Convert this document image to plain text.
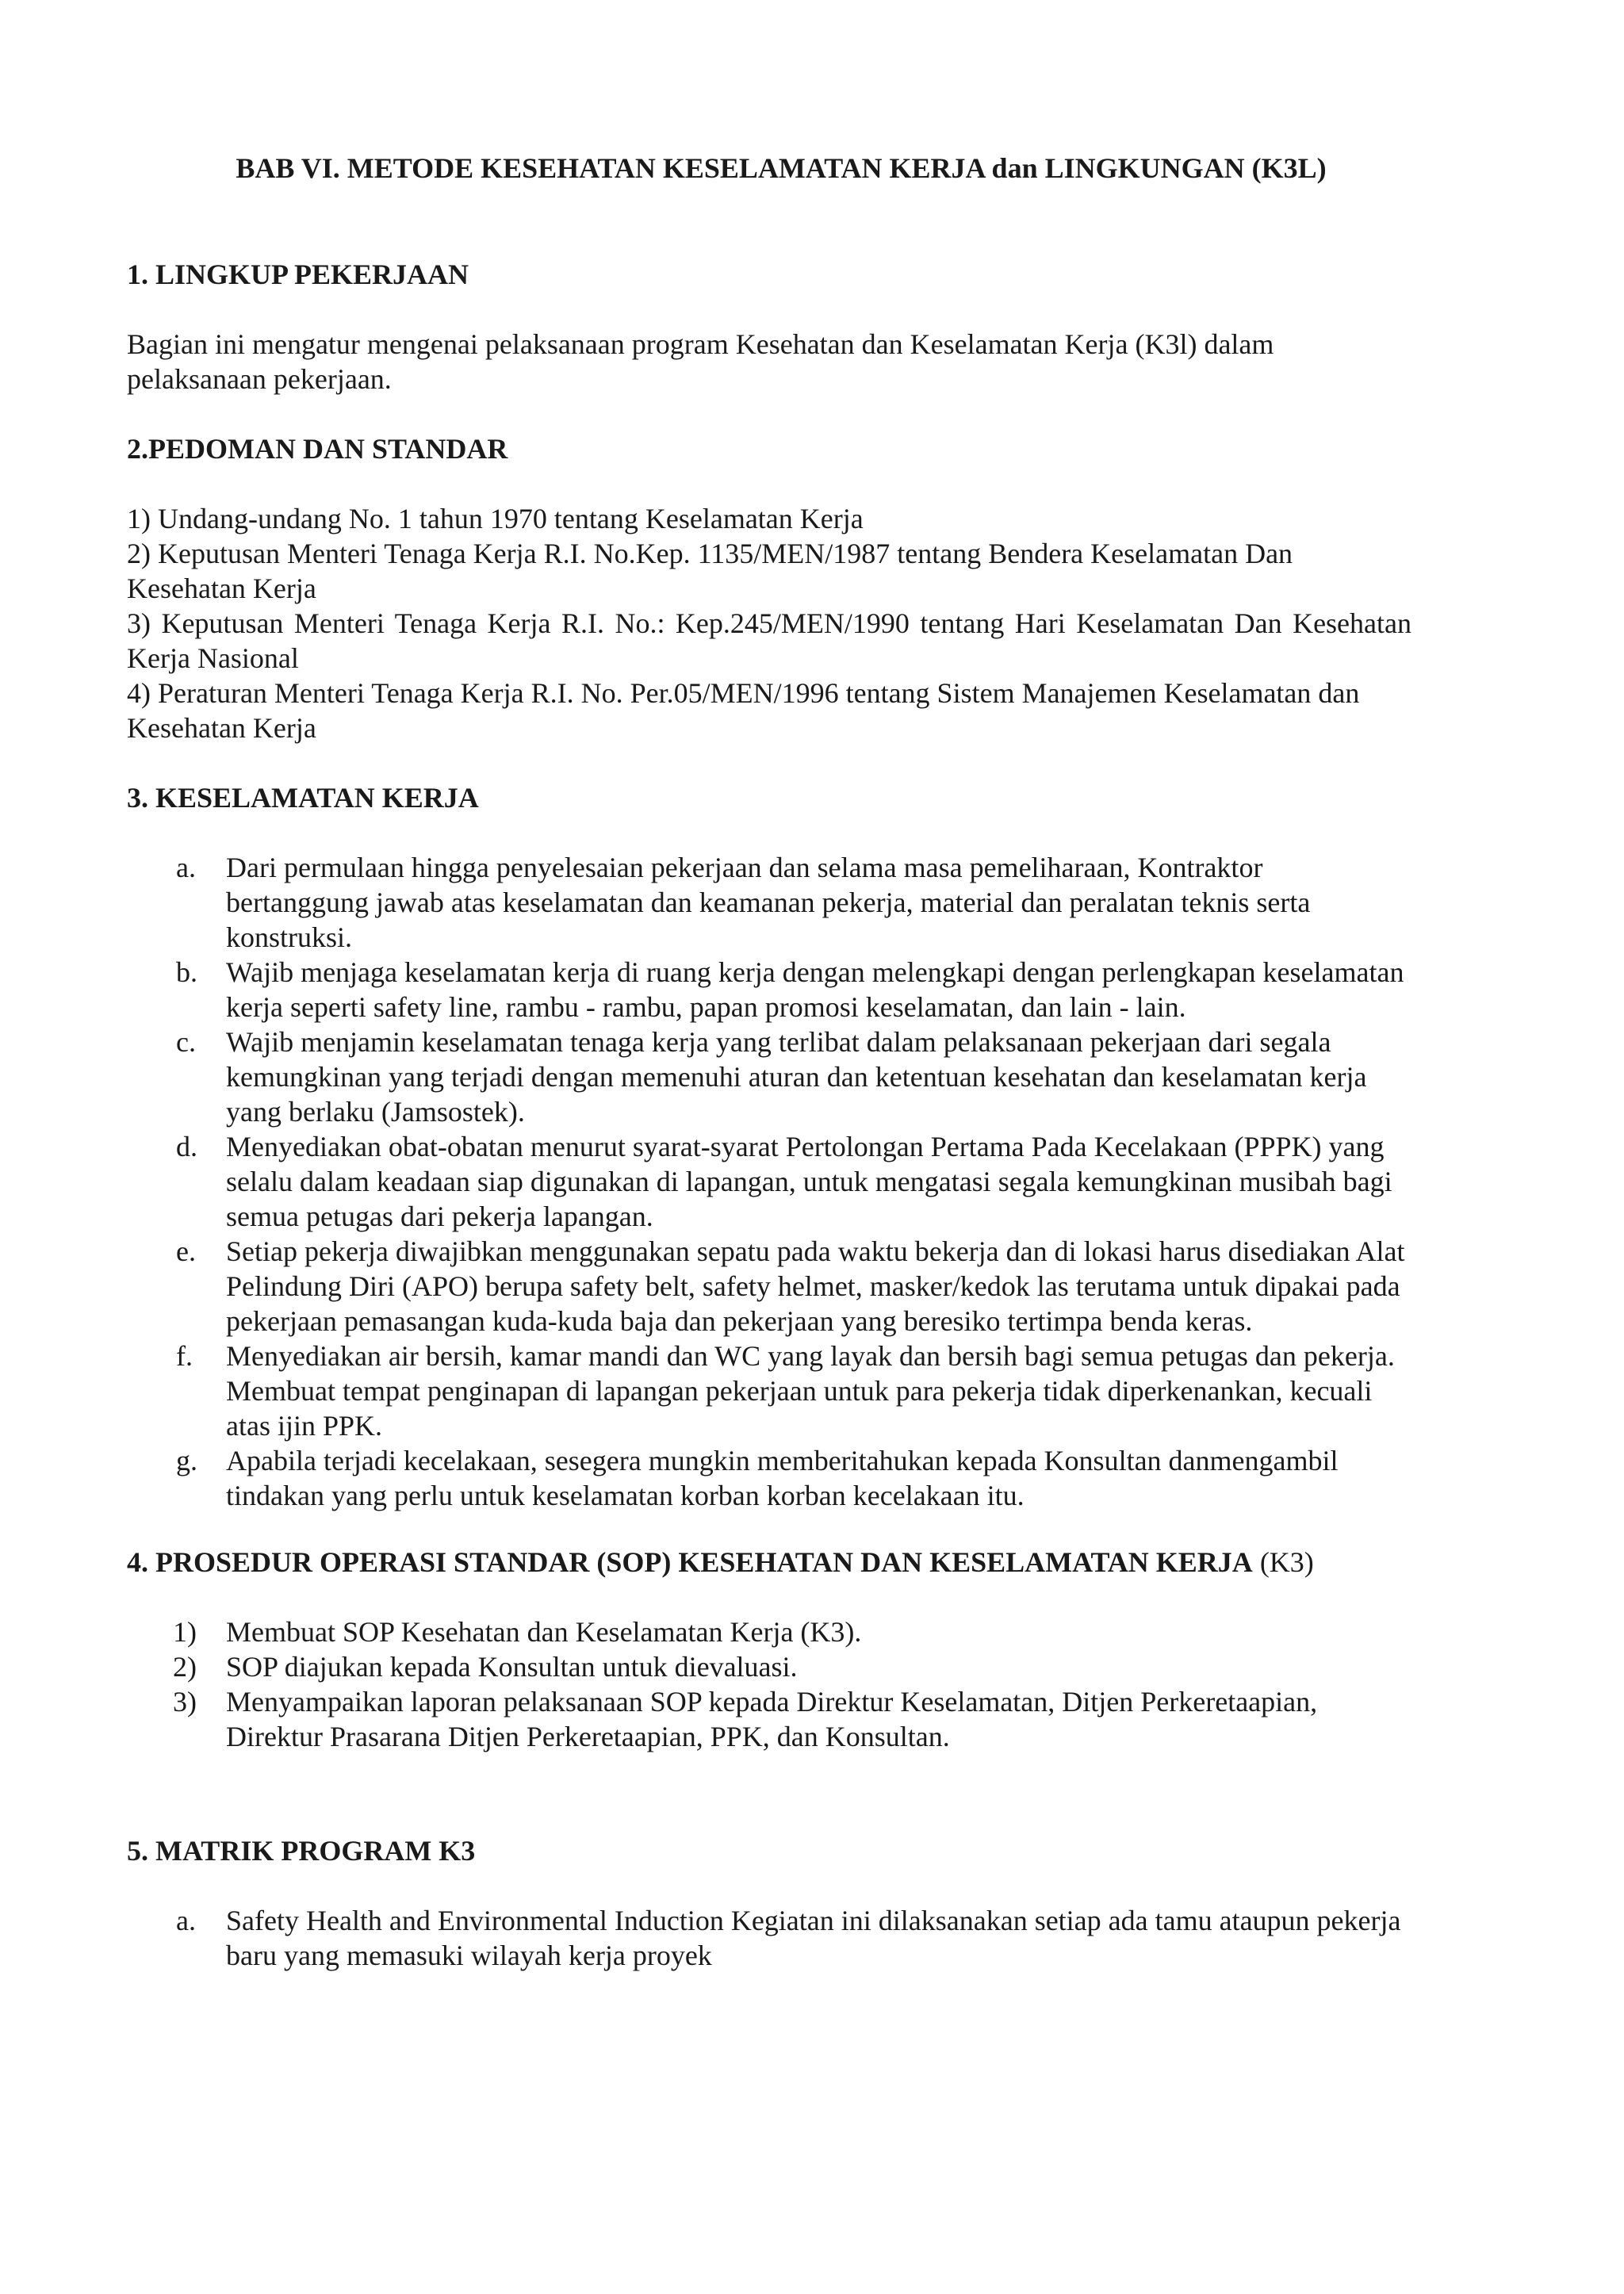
BAB VI. METODE KESEHATAN KESELAMATAN KERJA dan LINGKUNGAN (K3L)
1. LINGKUP PEKERJAAN
Bagian ini mengatur mengenai pelaksanaan program Kesehatan dan Keselamatan Kerja (K3l) dalam pelaksanaan pekerjaan.
2.PEDOMAN DAN STANDAR
1) Undang-undang No. 1 tahun 1970 tentang Keselamatan Kerja
2) Keputusan Menteri Tenaga Kerja R.I. No.Kep. 1135/MEN/1987 tentang Bendera Keselamatan Dan Kesehatan Kerja
3) Keputusan Menteri Tenaga Kerja R.I. No.: Kep.245/MEN/1990 tentang Hari Keselamatan Dan Kesehatan Kerja Nasional
4) Peraturan Menteri Tenaga Kerja R.I. No. Per.05/MEN/1996 tentang Sistem Manajemen Keselamatan dan Kesehatan Kerja
3. KESELAMATAN KERJA
a. Dari permulaan hingga penyelesaian pekerjaan dan selama masa pemeliharaan, Kontraktor bertanggung jawab atas keselamatan dan keamanan pekerja, material dan peralatan teknis serta konstruksi.
b. Wajib menjaga keselamatan kerja di ruang kerja dengan melengkapi dengan perlengkapan keselamatan kerja seperti safety line, rambu - rambu, papan promosi keselamatan, dan lain - lain.
c. Wajib menjamin keselamatan tenaga kerja yang terlibat dalam pelaksanaan pekerjaan dari segala kemungkinan yang terjadi dengan memenuhi aturan dan ketentuan kesehatan dan keselamatan kerja yang berlaku (Jamsostek).
d. Menyediakan obat-obatan menurut syarat-syarat Pertolongan Pertama Pada Kecelakaan (PPPK) yang selalu dalam keadaan siap digunakan di lapangan, untuk mengatasi segala kemungkinan musibah bagi semua petugas dari pekerja lapangan.
e. Setiap pekerja diwajibkan menggunakan sepatu pada waktu bekerja dan di lokasi harus disediakan Alat Pelindung Diri (APO) berupa safety belt, safety helmet, masker/kedok las terutama untuk dipakai pada pekerjaan pemasangan kuda-kuda baja dan pekerjaan yang beresiko tertimpa benda keras.
f. Menyediakan air bersih, kamar mandi dan WC yang layak dan bersih bagi semua petugas dan pekerja. Membuat tempat penginapan di lapangan pekerjaan untuk para pekerja tidak diperkenankan, kecuali atas ijin PPK.
g. Apabila terjadi kecelakaan, sesegera mungkin memberitahukan kepada Konsultan danmengambil tindakan yang perlu untuk keselamatan korban korban kecelakaan itu.
4. PROSEDUR OPERASI STANDAR (SOP) KESEHATAN DAN KESELAMATAN KERJA (K3)
1) Membuat SOP Kesehatan dan Keselamatan Kerja (K3).
2) SOP diajukan kepada Konsultan untuk dievaluasi.
3) Menyampaikan laporan pelaksanaan SOP kepada Direktur Keselamatan, Ditjen Perkeretaapian, Direktur Prasarana Ditjen Perkeretaapian, PPK, dan Konsultan.
5. MATRIK PROGRAM K3
a. Safety Health and Environmental Induction Kegiatan ini dilaksanakan setiap ada tamu ataupun pekerja baru yang memasuki wilayah kerja proyek
